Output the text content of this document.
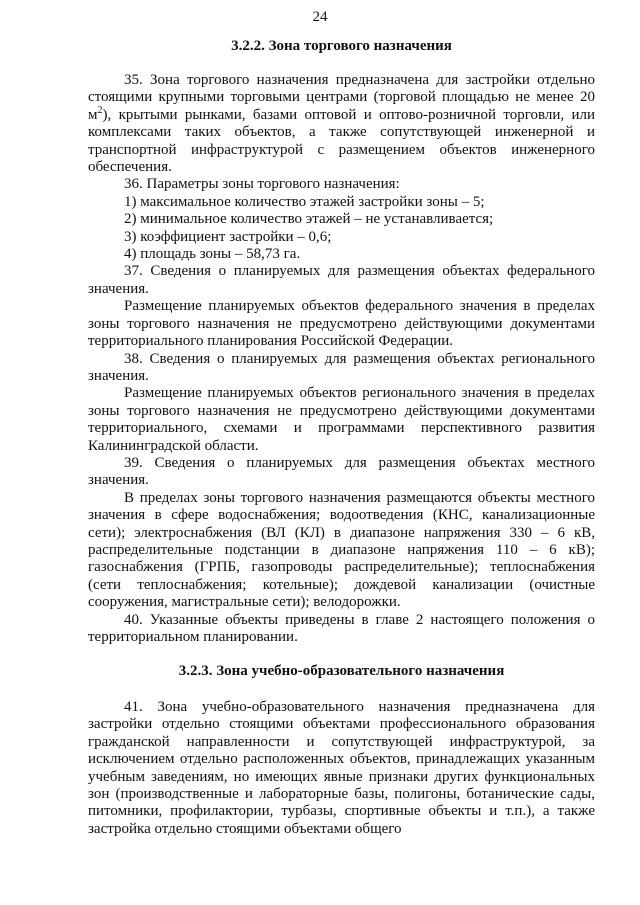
24

3.2.2. Зона торгового назначения

35. Зона торгового назначения предназначена для застройки отдельно стоящими крупными торговыми центрами (торговой площадью не менее 20 $м^2$), крытыми рынками, базами оптовой и оптово-розничной торговли, или комплексами таких объектов, а также сопутствующей инженерной и транспортной инфраструктурой с размещением объектов инженерного обеспечения.

36. Параметры зоны торгового назначения:

1) максимальное количество этажей застройки зоны – 5;

2) минимальное количество этажей – не устанавливается;

3) коэффициент застройки – 0,6;

4) площадь зоны – 58,73 га.

37. Сведения о планируемых для размещения объектах федерального значения.

Размещение планируемых объектов федерального значения в пределах зоны торгового назначения не предусмотрено действующими документами территориального планирования Российской Федерации.

38. Сведения о планируемых для размещения объектах регионального значения.

Размещение планируемых объектов регионального значения в пределах зоны торгового назначения не предусмотрено действующими документами территориального, схемами и программами перспективного развития Калининградской области.

39. Сведения о планируемых для размещения объектах местного значения.

В пределах зоны торгового назначения размещаются объекты местного значения в сфере водоснабжения; водоотведения (КНС, канализационные сети); электроснабжения (ВЛ (КЛ) в диапазоне напряжения 330 – 6 кВ, распределительные подстанции в диапазоне напряжения 110 – 6 кВ); газоснабжения (ГРПБ, газопроводы распределительные); теплоснабжения (сети теплоснабжения; котельные); дождевой канализации (очистные сооружения, магистральные сети); велодорожки.

40. Указанные объекты приведены в главе 2 настоящего положения о территориальном планировании.

3.2.3. Зона учебно-образовательного назначения

41. Зона учебно-образовательного назначения предназначена для застройки отдельно стоящими объектами профессионального образования гражданской направленности и сопутствующей инфраструктурой, за исключением отдельно расположенных объектов, принадлежащих указанным учебным заведениям, но имеющих явные признаки других функциональных зон (производственные и лабораторные базы, полигоны, ботанические сады, питомники, профилактории, турбазы, спортивные объекты и т.п.), а также застройка отдельно стоящими объектами общего
